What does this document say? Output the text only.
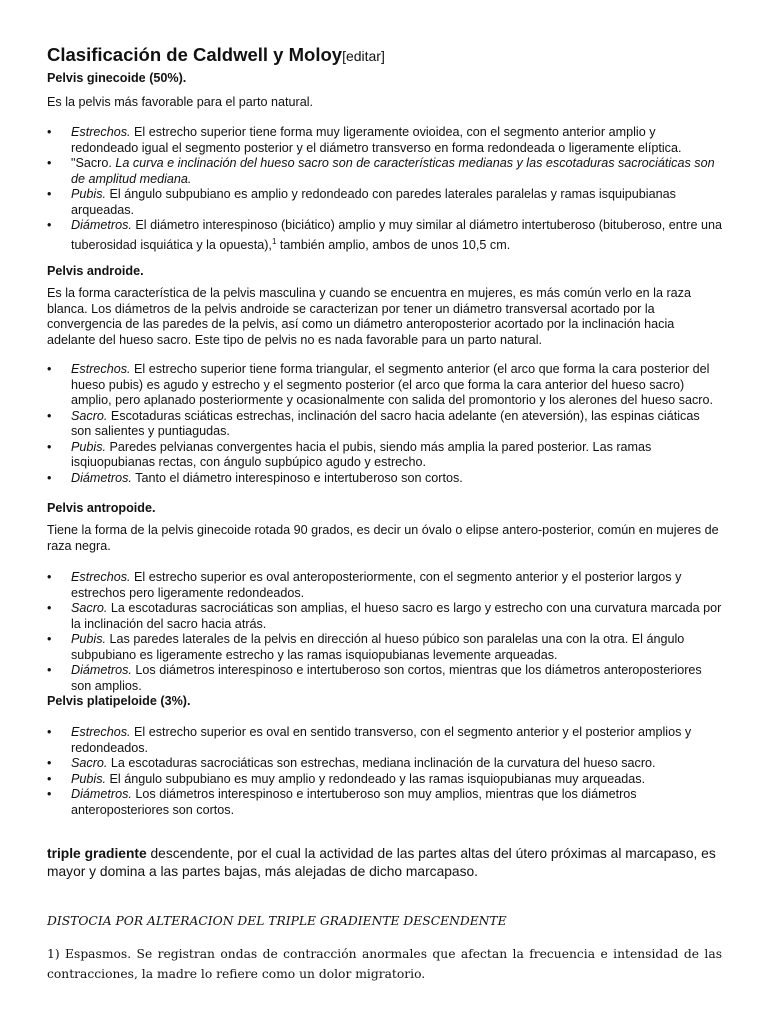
Clasificación de Caldwell y Moloy[editar]

Pelvis ginecoide (50%).

Es la pelvis más favorable para el parto natural.

• Estrechos. El estrecho superior tiene forma muy ligeramente ovioidea, con el segmento anterior amplio y redondeado igual el segmento posterior y el diámetro transverso en forma redondeada o ligeramente elíptica.
• "Sacro. La curva e inclinación del hueso sacro son de características medianas y las escotaduras sacrociáticas son de amplitud mediana.
• Pubis. El ángulo subpubiano es amplio y redondeado con paredes laterales paralelas y ramas isquipubianas arqueadas.
• Diámetros. El diámetro interespinoso (biciático) amplio y muy similar al diámetro intertuberoso (bituberoso, entre una tuberosidad isquiática y la opuesta),$^1$ también amplio, ambos de unos 10,5 cm.

Pelvis androide.

Es la forma característica de la pelvis masculina y cuando se encuentra en mujeres, es más común verlo en la raza blanca. Los diámetros de la pelvis androide se caracterizan por tener un diámetro transversal acortado por la convergencia de las paredes de la pelvis, así como un diámetro anteroposterior acortado por la inclinación hacia adelante del hueso sacro. Este tipo de pelvis no es nada favorable para un parto natural.

• Estrechos. El estrecho superior tiene forma triangular, el segmento anterior (el arco que forma la cara posterior del hueso pubis) es agudo y estrecho y el segmento posterior (el arco que forma la cara anterior del hueso sacro) amplio, pero aplanado posteriormente y ocasionalmente con salida del promontorio y los alerones del hueso sacro.
• Sacro. Escotaduras sciáticas estrechas, inclinación del sacro hacia adelante (en ateversión), las espinas ciáticas son salientes y puntiagudas.
• Pubis. Paredes pelvianas convergentes hacia el pubis, siendo más amplia la pared posterior. Las ramas isqiuopubianas rectas, con ángulo supbúpico agudo y estrecho.
• Diámetros. Tanto el diámetro interespinoso e intertuberoso son cortos.

Pelvis antropoide.

Tiene la forma de la pelvis ginecoide rotada 90 grados, es decir un óvalo o elipse antero-posterior, común en mujeres de raza negra.

• Estrechos. El estrecho superior es oval anteroposteriormente, con el segmento anterior y el posterior largos y estrechos pero ligeramente redondeados.
• Sacro. La escotaduras sacrociáticas son amplias, el hueso sacro es largo y estrecho con una curvatura marcada por la inclinación del sacro hacia atrás.
• Pubis. Las paredes laterales de la pelvis en dirección al hueso púbico son paralelas una con la otra. El ángulo subpubiano es ligeramente estrecho y las ramas isquiopubianas levemente arqueadas.
• Diámetros. Los diámetros interespinoso e intertuberoso son cortos, mientras que los diámetros anteroposteriores son amplios.

Pelvis platipeloide (3%).

• Estrechos. El estrecho superior es oval en sentido transverso, con el segmento anterior y el posterior amplios y redondeados.
• Sacro. La escotaduras sacrociáticas son estrechas, mediana inclinación de la curvatura del hueso sacro.
• Pubis. El ángulo subpubiano es muy amplio y redondeado y las ramas isquiopubianas muy arqueadas.
• Diámetros. Los diámetros interespinoso e intertuberoso son muy amplios, mientras que los diámetros anteroposteriores son cortos.

triple gradiente descendente, por el cual la actividad de las partes altas del útero próximas al marcapaso, es mayor y domina a las partes bajas, más alejadas de dicho marcapaso.

DISTOCIA POR ALTERACION DEL TRIPLE GRADIENTE DESCENDENTE

1) Espasmos. Se registran ondas de contracción anormales que afectan la frecuencia e intensidad de las contracciones, la madre lo refiere como un dolor migratorio.
